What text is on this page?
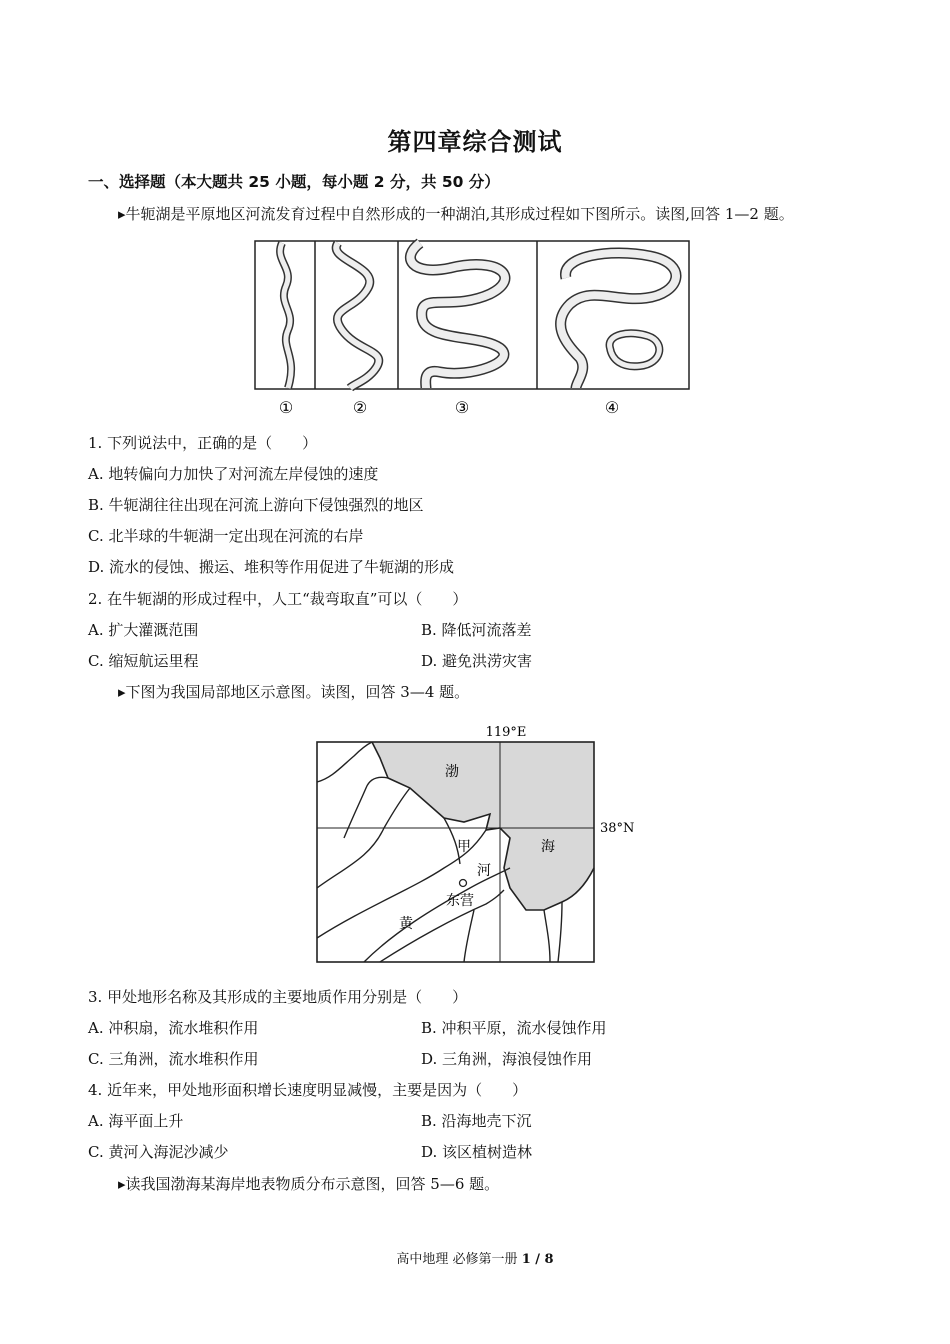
第四章综合测试
一、选择题（本大题共 25 小题，每小题 2 分，共 50 分）
▸牛轭湖是平原地区河流发育过程中自然形成的一种湖泊,其形成过程如下图所示。读图,回答 1—2 题。
①	②	③	④
1. 下列说法中，正确的是（　　）
A. 地转偏向力加快了对河流左岸侵蚀的速度
B. 牛轭湖往往出现在河流上游向下侵蚀强烈的地区
C. 北半球的牛轭湖一定出现在河流的右岸
D. 流水的侵蚀、搬运、堆积等作用促进了牛轭湖的形成
2. 在牛轭湖的形成过程中，人工“裁弯取直”可以（　　）
A. 扩大灌溉范围	B. 降低河流落差
C. 缩短航运里程	D. 避免洪涝灾害
▸下图为我国局部地区示意图。读图，回答 3—4 题。
119°E
38°N
渤
海
甲
河
东营
黄
3. 甲处地形名称及其形成的主要地质作用分别是（　　）
A. 冲积扇，流水堆积作用	B. 冲积平原，流水侵蚀作用
C. 三角洲，流水堆积作用	D. 三角洲，海浪侵蚀作用
4. 近年来，甲处地形面积增长速度明显减慢，主要是因为（　　）
A. 海平面上升	B. 沿海地壳下沉
C. 黄河入海泥沙减少	D. 该区植树造林
▸读我国渤海某海岸地表物质分布示意图，回答 5—6 题。
高中地理 必修第一册 1 / 8
